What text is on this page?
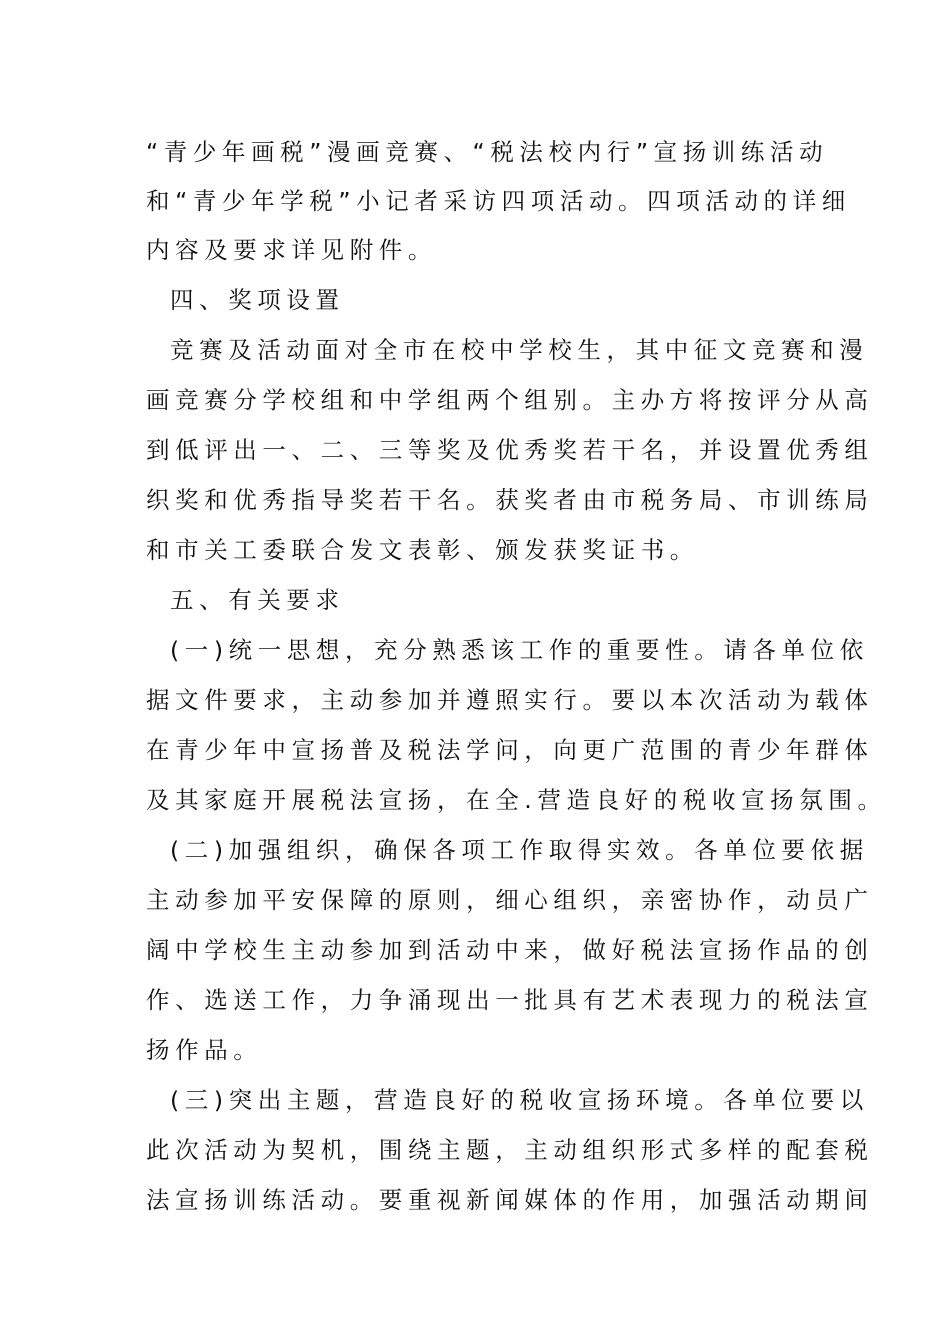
“青少年画税”漫画竞赛、“税法校内行”宣扬训练活动
和“青少年学税”小记者采访四项活动。四项活动的详细
内容及要求详见附件。
四、奖项设置
竞赛及活动面对全市在校中学校生，其中征文竞赛和漫
画竞赛分学校组和中学组两个组别。主办方将按评分从高
到低评出一、二、三等奖及优秀奖若干名，并设置优秀组
织奖和优秀指导奖若干名。获奖者由市税务局、市训练局
和市关工委联合发文表彰、颁发获奖证书。
五、有关要求
(一)统一思想，充分熟悉该工作的重要性。请各单位依
据文件要求，主动参加并遵照实行。要以本次活动为载体
在青少年中宣扬普及税法学问，向更广范围的青少年群体
及其家庭开展税法宣扬，在全.营造良好的税收宣扬氛围。
(二)加强组织，确保各项工作取得实效。各单位要依据
主动参加平安保障的原则，细心组织，亲密协作，动员广
阔中学校生主动参加到活动中来，做好税法宣扬作品的创
作、选送工作，力争涌现出一批具有艺术表现力的税法宣
扬作品。
(三)突出主题，营造良好的税收宣扬环境。各单位要以
此次活动为契机，围绕主题，主动组织形式多样的配套税
法宣扬训练活动。要重视新闻媒体的作用，加强活动期间
